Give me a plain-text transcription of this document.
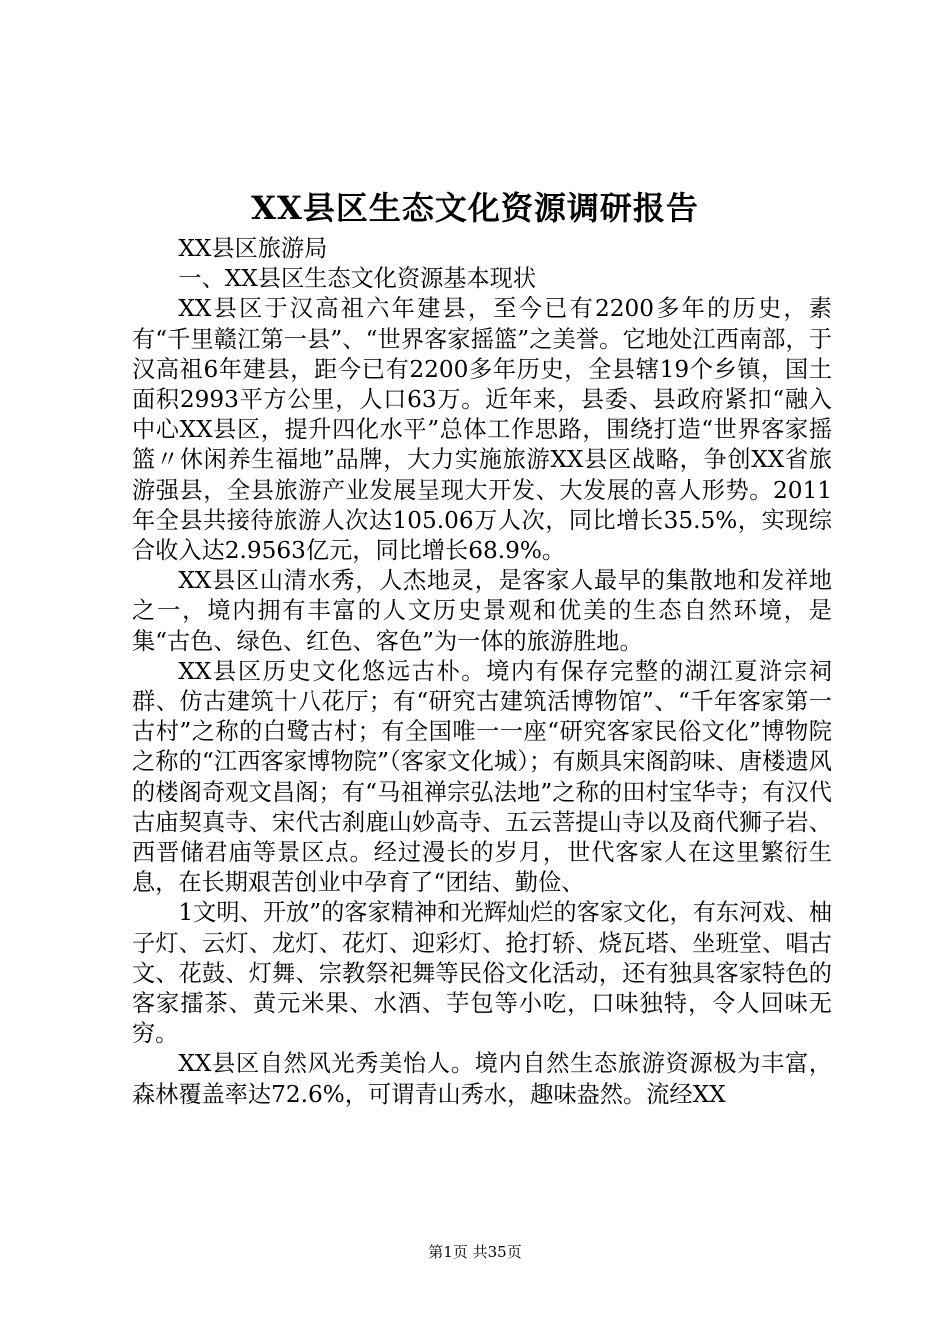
XX县区生态文化资源调研报告

XX县区旅游局

一、XX县区生态文化资源基本现状

XX县区于汉高祖六年建县，至今已有2200多年的历史，素有“千里赣江第一县”、“世界客家摇篮”之美誉。它地处江西南部，于汉高祖6年建县，距今已有2200多年历史，全县辖19个乡镇，国土面积2993平方公里，人口63万。近年来，县委、县政府紧扣“融入中心XX县区，提升四化水平”总体工作思路，围绕打造“世界客家摇篮〃休闲养生福地”品牌，大力实施旅游XX县区战略，争创XX省旅游强县，全县旅游产业发展呈现大开发、大发展的喜人形势。2011年全县共接待旅游人次达105.06万人次，同比增长35.5%，实现综合收入达2.9563亿元，同比增长68.9%。

XX县区山清水秀，人杰地灵，是客家人最早的集散地和发祥地之一，境内拥有丰富的人文历史景观和优美的生态自然环境，是集“古色、绿色、红色、客色”为一体的旅游胜地。

XX县区历史文化悠远古朴。境内有保存完整的湖江夏浒宗祠群、仿古建筑十八花厅；有“研究古建筑活博物馆”、“千年客家第一古村”之称的白鹭古村；有全国唯一一座“研究客家民俗文化”博物院之称的“江西客家博物院”（客家文化城）；有颇具宋阁韵味、唐楼遗风的楼阁奇观文昌阁；有“马祖禅宗弘法地”之称的田村宝华寺；有汉代古庙契真寺、宋代古刹鹿山妙高寺、五云菩提山寺以及商代狮子岩、西晋储君庙等景区点。经过漫长的岁月，世代客家人在这里繁衍生息，在长期艰苦创业中孕育了“团结、勤俭、

1文明、开放”的客家精神和光辉灿烂的客家文化，有东河戏、柚子灯、云灯、龙灯、花灯、迎彩灯、抢打轿、烧瓦塔、坐班堂、唱古文、花鼓、灯舞、宗教祭祀舞等民俗文化活动，还有独具客家特色的客家擂茶、黄元米果、水酒、芋包等小吃，口味独特，令人回味无穷。

XX县区自然风光秀美怡人。境内自然生态旅游资源极为丰富，森林覆盖率达72.6%，可谓青山秀水，趣味盎然。流经XX

第1页 共35页
